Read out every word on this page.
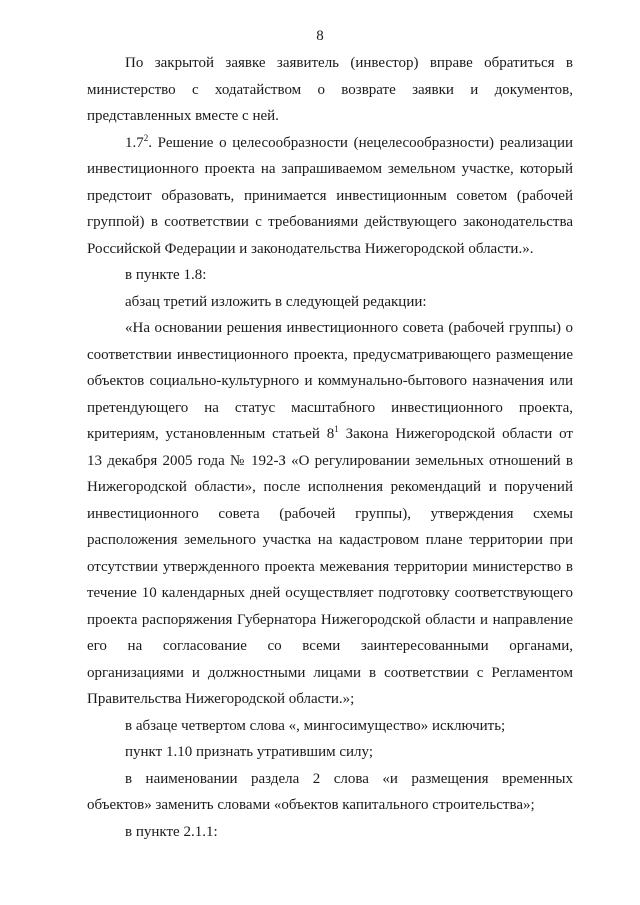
8
По закрытой заявке заявитель (инвестор) вправе обратиться в
министерство с ходатайством о возврате заявки и документов,
представленных вместе с ней.
$1.7^2$. Решение о целесообразности (нецелесообразности) реализации
инвестиционного проекта на запрашиваемом земельном участке, который
предстоит образовать, принимается инвестиционным советом (рабочей
группой) в соответствии с требованиями действующего законодательства
Российской Федерации и законодательства Нижегородской области.».
в пункте 1.8:
абзац третий изложить в следующей редакции:
«На основании решения инвестиционного совета (рабочей группы) о
соответствии инвестиционного проекта, предусматривающего размещение
объектов социально-культурного и коммунально-бытового назначения или
претендующего на статус масштабного инвестиционного проекта,
критериям, установленным статьей $8^1$ Закона Нижегородской области от
13 декабря 2005 года № 192-З «О регулировании земельных отношений в
Нижегородской области», после исполнения рекомендаций и поручений
инвестиционного совета (рабочей группы), утверждения схемы
расположения земельного участка на кадастровом плане территории при
отсутствии утвержденного проекта межевания территории министерство в
течение 10 календарных дней осуществляет подготовку соответствующего
проекта распоряжения Губернатора Нижегородской области и направление
его на согласование со всеми заинтересованными органами,
организациями и должностными лицами в соответствии с Регламентом
Правительства Нижегородской области.»;
в абзаце четвертом слова «, мингосимущество» исключить;
пункт 1.10 признать утратившим силу;
в наименовании раздела 2 слова «и размещения временных
объектов» заменить словами «объектов капитального строительства»;
в пункте 2.1.1:
